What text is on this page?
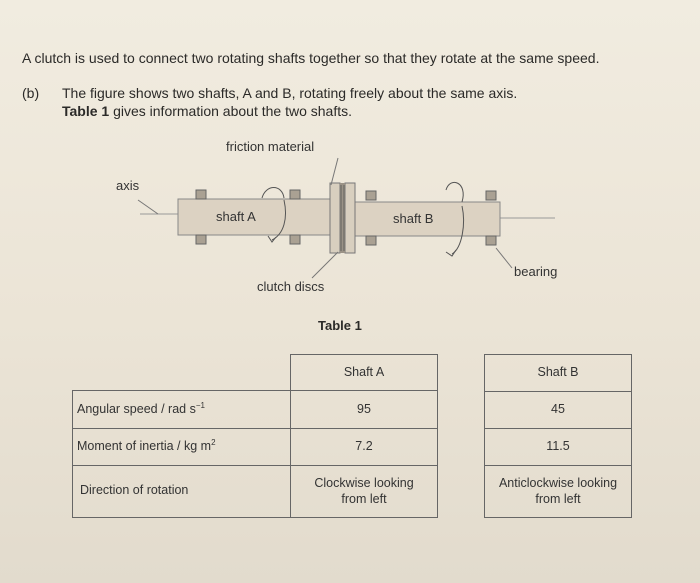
A clutch is used to connect two rotating shafts together so that they rotate at the same speed.
(b) The figure shows two shafts, A and B, rotating freely about the same axis.
Table 1 gives information about the two shafts.
friction material
axis
shaft A	shaft B
bearing
clutch discs
Table 1
Shaft A
Angular speed / rad $s^{-1}$
Moment of inertia / kg $m^2$
Direction of rotation
95
7.2
Clockwise looking
from left
Shaft B
45
11.5
Anticlockwise looking
from left
